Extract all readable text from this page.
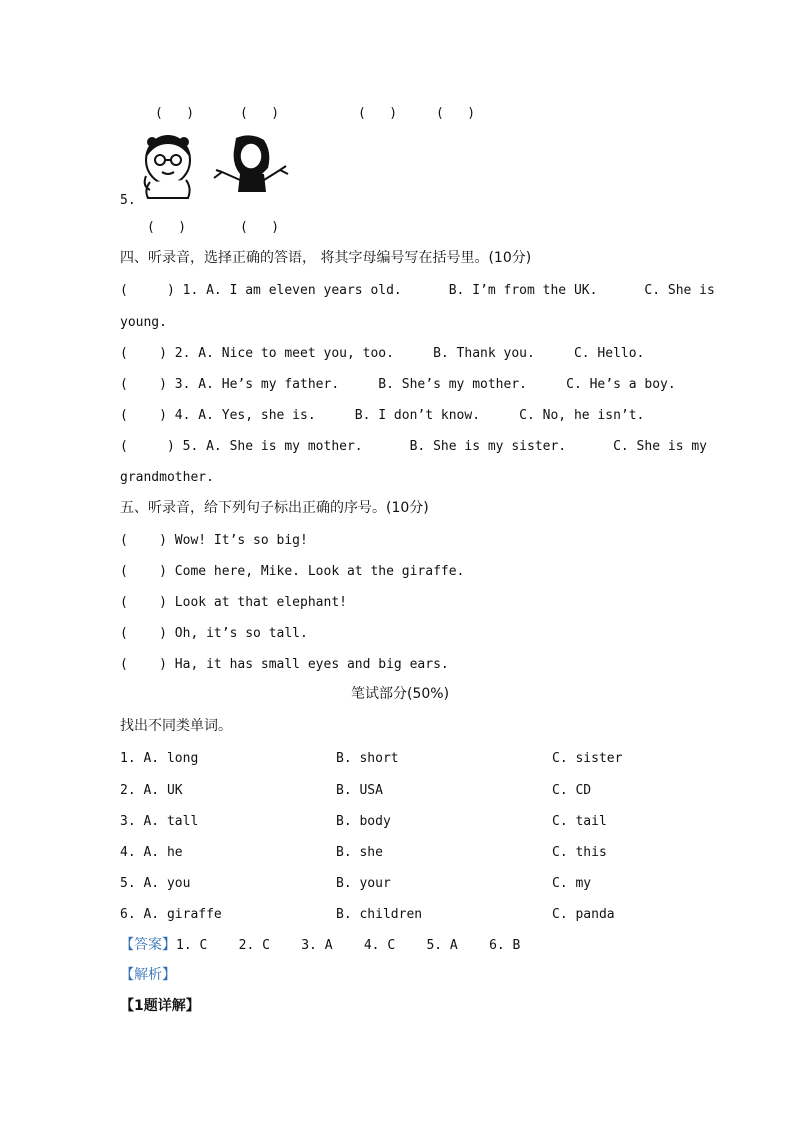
(   )	(   )	(   )	(   )
5.
(   )	(   )
四、听录音，选择正确的答语， 将其字母编号写在括号里。(10分)
(     ) 1. A. I am eleven years old.      B. I’m from the UK.      C. She is
young.
(    ) 2. A. Nice to meet you, too.     B. Thank you.     C. Hello.
(    ) 3. A. He’s my father.     B. She’s my mother.     C. He’s a boy.
(    ) 4. A. Yes, she is.     B. I don’t know.     C. No, he isn’t.
(     ) 5. A. She is my mother.      B. She is my sister.      C. She is my
grandmother.
五、听录音，给下列句子标出正确的序号。(10分)
(    ) Wow! It’s so big!
(    ) Come here, Mike. Look at the giraffe.
(    ) Look at that elephant!
(    ) Oh, it’s so tall.
(    ) Ha, it has small eyes and big ears.
笔试部分(50%)
找出不同类单词。
1. A. long	B. short	C. sister
2. A. UK	B. USA	C. CD
3. A. tall	B. body	C. tail
4. A. he	B. she	C. this
5. A. you	B. your	C. my
6. A. giraffe	B. children	C. panda
【答案】1. C    2. C    3. A    4. C    5. A    6. B
【解析】
【1题详解】
